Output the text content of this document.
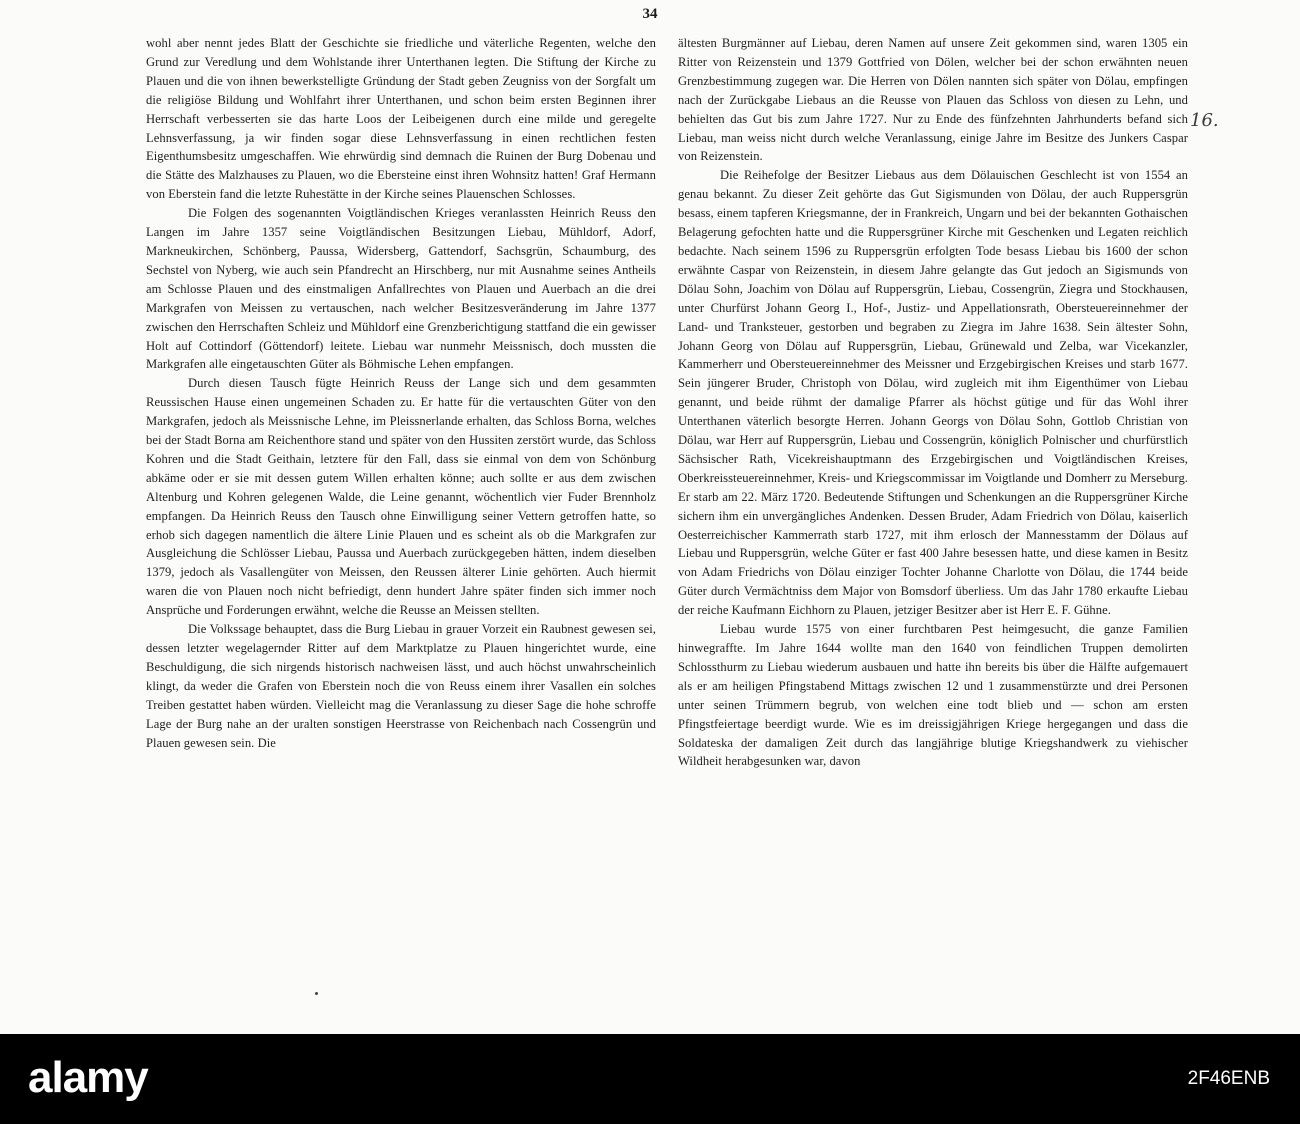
34

wohl aber nennt jedes Blatt der Geschichte sie friedliche und väterliche Regenten, welche den Grund zur Veredlung und dem Wohlstande ihrer Unterthanen legten. Die Stiftung der Kirche zu Plauen und die von ihnen bewerkstelligte Gründung der Stadt geben Zeugniss von der Sorgfalt um die religiöse Bildung und Wohlfahrt ihrer Unterthanen, und schon beim ersten Beginnen ihrer Herrschaft verbesserten sie das harte Loos der Leibeigenen durch eine milde und geregelte Lehnsverfassung, ja wir finden sogar diese Lehnsverfassung in einen rechtlichen festen Eigenthumsbesitz umgeschaffen. Wie ehrwürdig sind demnach die Ruinen der Burg Dobenau und die Stätte des Malzhauses zu Plauen, wo die Ebersteine einst ihren Wohnsitz hatten! Graf Hermann von Eberstein fand die letzte Ruhestätte in der Kirche seines Plauenschen Schlosses.

Die Folgen des sogenannten Voigtländischen Krieges veranlassten Heinrich Reuss den Langen im Jahre 1357 seine Voigtländischen Besitzungen Liebau, Mühldorf, Adorf, Markneukirchen, Schönberg, Paussa, Widersberg, Gattendorf, Sachsgrün, Schaumburg, des Sechstel von Nyberg, wie auch sein Pfandrecht an Hirschberg, nur mit Ausnahme seines Antheils am Schlosse Plauen und des einstmaligen Anfallrechtes von Plauen und Auerbach an die drei Markgrafen von Meissen zu vertauschen, nach welcher Besitzesveränderung im Jahre 1377 zwischen den Herrschaften Schleiz und Mühldorf eine Grenzberichtigung stattfand die ein gewisser Holt auf Cottindorf (Göttendorf) leitete. Liebau war nunmehr Meissnisch, doch mussten die Markgrafen alle eingetauschten Güter als Böhmische Lehen empfangen.

Durch diesen Tausch fügte Heinrich Reuss der Lange sich und dem gesammten Reussischen Hause einen ungemeinen Schaden zu. Er hatte für die vertauschten Güter von den Markgrafen, jedoch als Meissnische Lehne, im Pleissnerlande erhalten, das Schloss Borna, welches bei der Stadt Borna am Reichenthore stand und später von den Hussiten zerstört wurde, das Schloss Kohren und die Stadt Geithain, letztere für den Fall, dass sie einmal von dem von Schönburg abkäme oder er sie mit dessen gutem Willen erhalten könne; auch sollte er aus dem zwischen Altenburg und Kohren gelegenen Walde, die Leine genannt, wöchentlich vier Fuder Brennholz empfangen. Da Heinrich Reuss den Tausch ohne Einwilligung seiner Vettern getroffen hatte, so erhob sich dagegen namentlich die ältere Linie Plauen und es scheint als ob die Markgrafen zur Ausgleichung die Schlösser Liebau, Paussa und Auerbach zurückgegeben hätten, indem dieselben 1379, jedoch als Vasallengüter von Meissen, den Reussen älterer Linie gehörten. Auch hiermit waren die von Plauen noch nicht befriedigt, denn hundert Jahre später finden sich immer noch Ansprüche und Forderungen erwähnt, welche die Reusse an Meissen stellten.

Die Volkssage behauptet, dass die Burg Liebau in grauer Vorzeit ein Raubnest gewesen sei, dessen letzter wegelagernder Ritter auf dem Marktplatze zu Plauen hingerichtet wurde, eine Beschuldigung, die sich nirgends historisch nachweisen lässt, und auch höchst unwahrscheinlich klingt, da weder die Grafen von Eberstein noch die von Reuss einem ihrer Vasallen ein solches Treiben gestattet haben würden. Vielleicht mag die Veranlassung zu dieser Sage die hohe schroffe Lage der Burg nahe an der uralten sonstigen Heerstrasse von Reichenbach nach Cossengrün und Plauen gewesen sein. Die

ältesten Burgmänner auf Liebau, deren Namen auf unsere Zeit gekommen sind, waren 1305 ein Ritter von Reizenstein und 1379 Gottfried von Dölen, welcher bei der schon erwähnten neuen Grenzbestimmung zugegen war. Die Herren von Dölen nannten sich später von Dölau, empfingen nach der Zurückgabe Liebaus an die Reusse von Plauen das Schloss von diesen zu Lehn, und behielten das Gut bis zum Jahre 1727. Nur zu Ende des fünfzehnten Jahrhunderts befand sich Liebau, man weiss nicht durch welche Veranlassung, einige Jahre im Besitze des Junkers Caspar von Reizenstein.

Die Reihefolge der Besitzer Liebaus aus dem Dölauischen Geschlecht ist von 1554 an genau bekannt. Zu dieser Zeit gehörte das Gut Sigismunden von Dölau, der auch Ruppersgrün besass, einem tapferen Kriegsmanne, der in Frankreich, Ungarn und bei der bekannten Gothaischen Belagerung gefochten hatte und die Ruppersgrüner Kirche mit Geschenken und Legaten reichlich bedachte. Nach seinem 1596 zu Ruppersgrün erfolgten Tode besass Liebau bis 1600 der schon erwähnte Caspar von Reizenstein, in diesem Jahre gelangte das Gut jedoch an Sigismunds von Dölau Sohn, Joachim von Dölau auf Ruppersgrün, Liebau, Cossengrün, Ziegra und Stockhausen, unter Churfürst Johann Georg I., Hof-, Justiz- und Appellationsrath, Obersteuereinnehmer der Land- und Tranksteuer, gestorben und begraben zu Ziegra im Jahre 1638. Sein ältester Sohn, Johann Georg von Dölau auf Ruppersgrün, Liebau, Grünewald und Zelba, war Vicekanzler, Kammerherr und Obersteuereinnehmer des Meissner und Erzgebirgischen Kreises und starb 1677. Sein jüngerer Bruder, Christoph von Dölau, wird zugleich mit ihm Eigenthümer von Liebau genannt, und beide rühmt der damalige Pfarrer als höchst gütige und für das Wohl ihrer Unterthanen väterlich besorgte Herren. Johann Georgs von Dölau Sohn, Gottlob Christian von Dölau, war Herr auf Ruppersgrün, Liebau und Cossengrün, königlich Polnischer und churfürstlich Sächsischer Rath, Vicekreishauptmann des Erzgebirgischen und Voigtländischen Kreises, Oberkreissteuereinnehmer, Kreis- und Kriegscommissar im Voigtlande und Domherr zu Merseburg. Er starb am 22. März 1720. Bedeutende Stiftungen und Schenkungen an die Ruppersgrüner Kirche sichern ihm ein unvergängliches Andenken. Dessen Bruder, Adam Friedrich von Dölau, kaiserlich Oesterreichischer Kammerrath starb 1727, mit ihm erlosch der Mannesstamm der Dölaus auf Liebau und Ruppersgrün, welche Güter er fast 400 Jahre besessen hatte, und diese kamen in Besitz von Adam Friedrichs von Dölau einziger Tochter Johanne Charlotte von Dölau, die 1744 beide Güter durch Vermächtniss dem Major von Bomsdorf überliess. Um das Jahr 1780 erkaufte Liebau der reiche Kaufmann Eichhorn zu Plauen, jetziger Besitzer aber ist Herr E. F. Gühne.

Liebau wurde 1575 von einer furchtbaren Pest heimgesucht, die ganze Familien hinwegraffte. Im Jahre 1644 wollte man den 1640 von feindlichen Truppen demolirten Schlossthurm zu Liebau wiederum ausbauen und hatte ihn bereits bis über die Hälfte aufgemauert als er am heiligen Pfingstabend Mittags zwischen 12 und 1 zusammenstürzte und drei Personen unter seinen Trümmern begrub, von welchen eine todt blieb und — schon am ersten Pfingstfeiertage beerdigt wurde. Wie es im dreissigjährigen Kriege hergegangen und dass die Soldateska der damaligen Zeit durch das langjährige blutige Kriegshandwerk zu viehischer Wildheit herabgesunken war, davon

16.
alamy	2F46ENB
